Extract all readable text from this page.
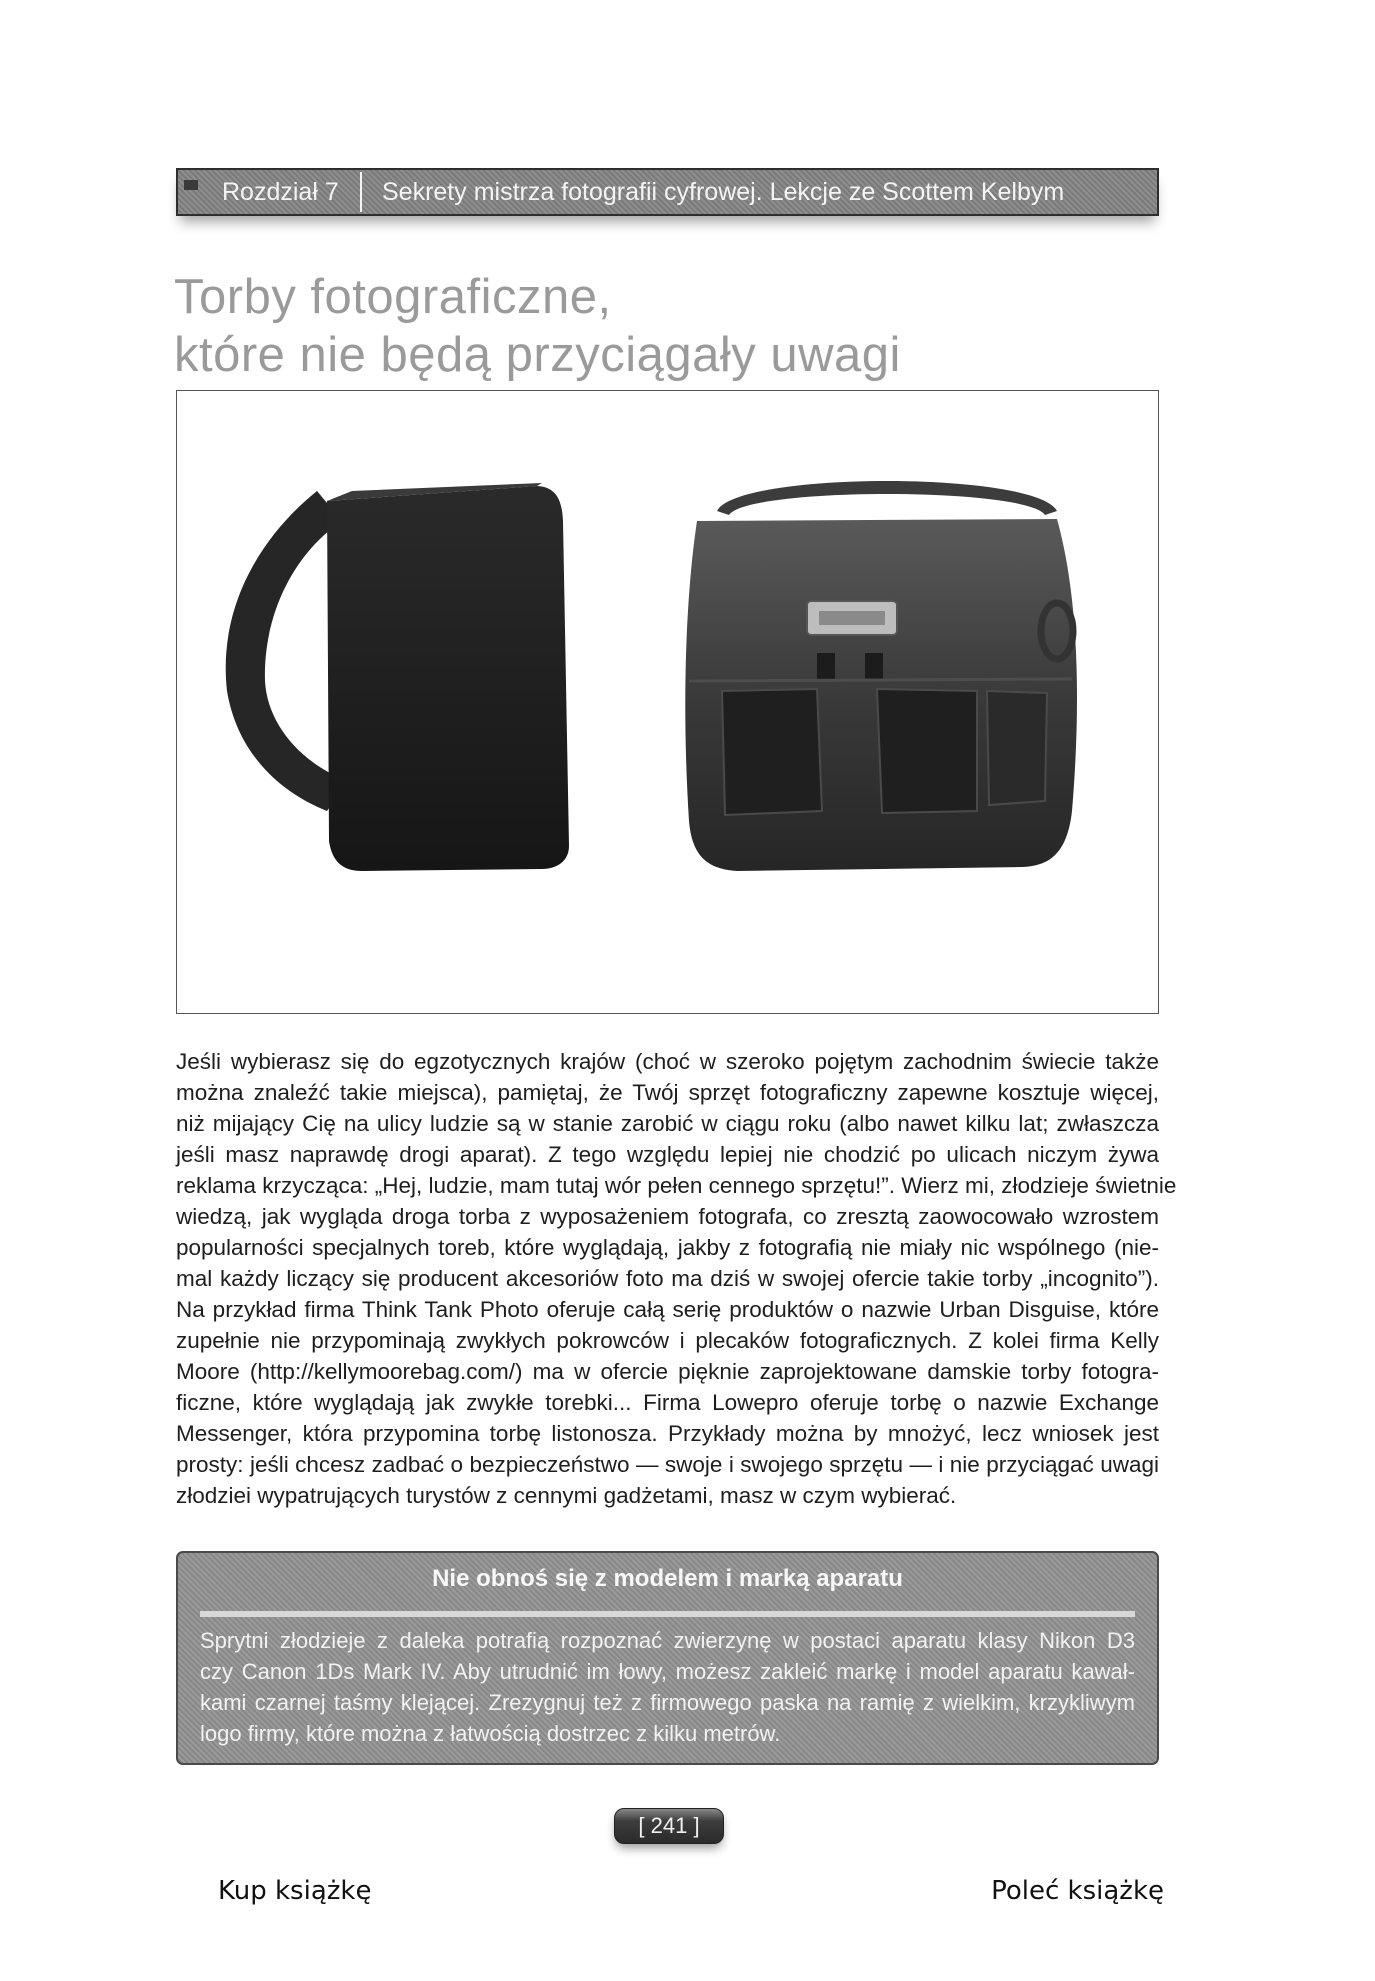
Rozdział 7 Sekrety mistrza fotografii cyfrowej. Lekcje ze Scottem Kelbym
Torby fotograficzne,
które nie będą przyciągały uwagi

Jeśli wybierasz się do egzotycznych krajów (choć w szeroko pojętym zachodnim świecie także
można znaleźć takie miejsca), pamiętaj, że Twój sprzęt fotograficzny zapewne kosztuje więcej,
niż mijający Cię na ulicy ludzie są w stanie zarobić w ciągu roku (albo nawet kilku lat; zwłaszcza
jeśli masz naprawdę drogi aparat). Z tego względu lepiej nie chodzić po ulicach niczym żywa
reklama krzycząca: „Hej, ludzie, mam tutaj wór pełen cennego sprzętu!”. Wierz mi, złodzieje świetnie
wiedzą, jak wygląda droga torba z wyposażeniem fotografa, co zresztą zaowocowało wzrostem
popularności specjalnych toreb, które wyglądają, jakby z fotografią nie miały nic wspólnego (nie-
mal każdy liczący się producent akcesoriów foto ma dziś w swojej ofercie takie torby „incognito”).
Na przykład firma Think Tank Photo oferuje całą serię produktów o nazwie Urban Disguise, które
zupełnie nie przypominają zwykłych pokrowców i plecaków fotograficznych. Z kolei firma Kelly
Moore (http://kellymoorebag.com/) ma w ofercie pięknie zaprojektowane damskie torby fotogra-
ficzne, które wyglądają jak zwykłe torebki... Firma Lowepro oferuje torbę o nazwie Exchange
Messenger, która przypomina torbę listonosza. Przykłady można by mnożyć, lecz wniosek jest
prosty: jeśli chcesz zadbać o bezpieczeństwo — swoje i swojego sprzętu — i nie przyciągać uwagi
złodziei wypatrujących turystów z cennymi gadżetami, masz w czym wybierać.

Nie obnoś się z modelem i marką aparatu

Sprytni złodzieje z daleka potrafią rozpoznać zwierzynę w postaci aparatu klasy Nikon D3
czy Canon 1Ds Mark IV. Aby utrudnić im łowy, możesz zakleić markę i model aparatu kawał-
kami czarnej taśmy klejącej. Zrezygnuj też z firmowego paska na ramię z wielkim, krzykliwym
logo firmy, które można z łatwością dostrzec z kilku metrów.

[ 241 ]
Kup książkę	Poleć książkę
